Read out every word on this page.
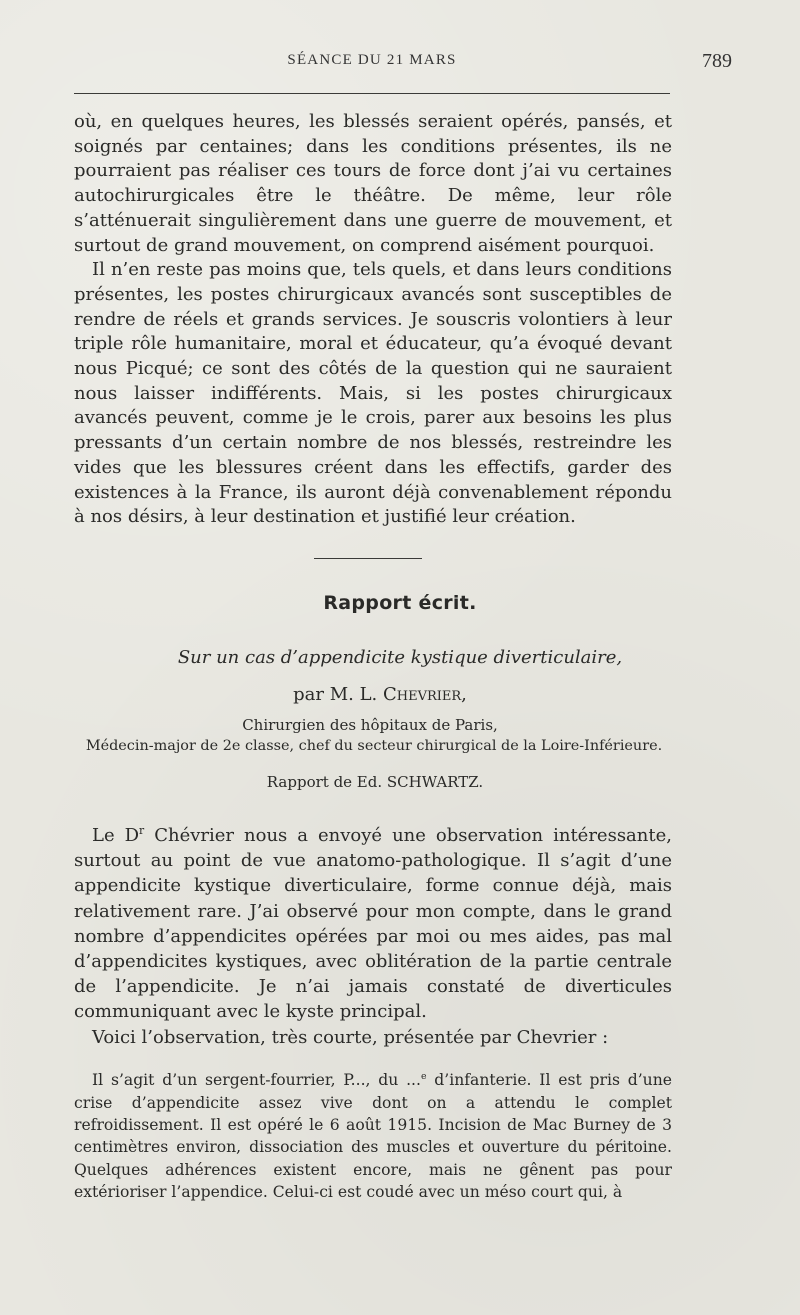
SÉANCE DU 21 MARS	789

où, en quelques heures, les blessés seraient opérés, pansés, et soignés par centaines; dans les conditions présentes, ils ne pourraient pas réaliser ces tours de force dont j’ai vu certaines autochirurgicales être le théâtre. De même, leur rôle s’atténuerait singulièrement dans une guerre de mouvement, et surtout de grand mouvement, on comprend aisément pourquoi.

Il n’en reste pas moins que, tels quels, et dans leurs conditions présentes, les postes chirurgicaux avancés sont susceptibles de rendre de réels et grands services. Je souscris volontiers à leur triple rôle humanitaire, moral et éducateur, qu’a évoqué devant nous Picqué; ce sont des côtés de la question qui ne sauraient nous laisser indifférents. Mais, si les postes chirurgicaux avancés peuvent, comme je le crois, parer aux besoins les plus pressants d’un certain nombre de nos blessés, restreindre les vides que les blessures créent dans les effectifs, garder des existences à la France, ils auront déjà convenablement répondu à nos désirs, à leur destination et justifié leur création.

Rapport écrit.
Sur un cas d’appendicite kystique diverticulaire,
par M. L. Chevrier,
Chirurgien des hôpitaux de Paris,
Médecin-major de 2e classe, chef du secteur chirurgical de la Loire-Inférieure.
Rapport de Ed. SCHWARTZ.

Le $D^r$ Chévrier nous a envoyé une observation intéressante, surtout au point de vue anatomo-pathologique. Il s’agit d’une appendicite kystique diverticulaire, forme connue déjà, mais relativement rare. J’ai observé pour mon compte, dans le grand nombre d’appendicites opérées par moi ou mes aides, pas mal d’appendicites kystiques, avec oblitération de la partie centrale de l’appendicite. Je n’ai jamais constaté de diverticules communiquant avec le kyste principal.

Voici l’observation, très courte, présentée par Chevrier :

Il s’agit d’un sergent-fourrier, P..., du ...$^e$ d’infanterie. Il est pris d’une crise d’appendicite assez vive dont on a attendu le complet refroidissement. Il est opéré le 6 août 1915. Incision de Mac Burney de 3 centimètres environ, dissociation des muscles et ouverture du péritoine. Quelques adhérences existent encore, mais ne gênent pas pour extérioriser l’appendice. Celui-ci est coudé avec un méso court qui, à
